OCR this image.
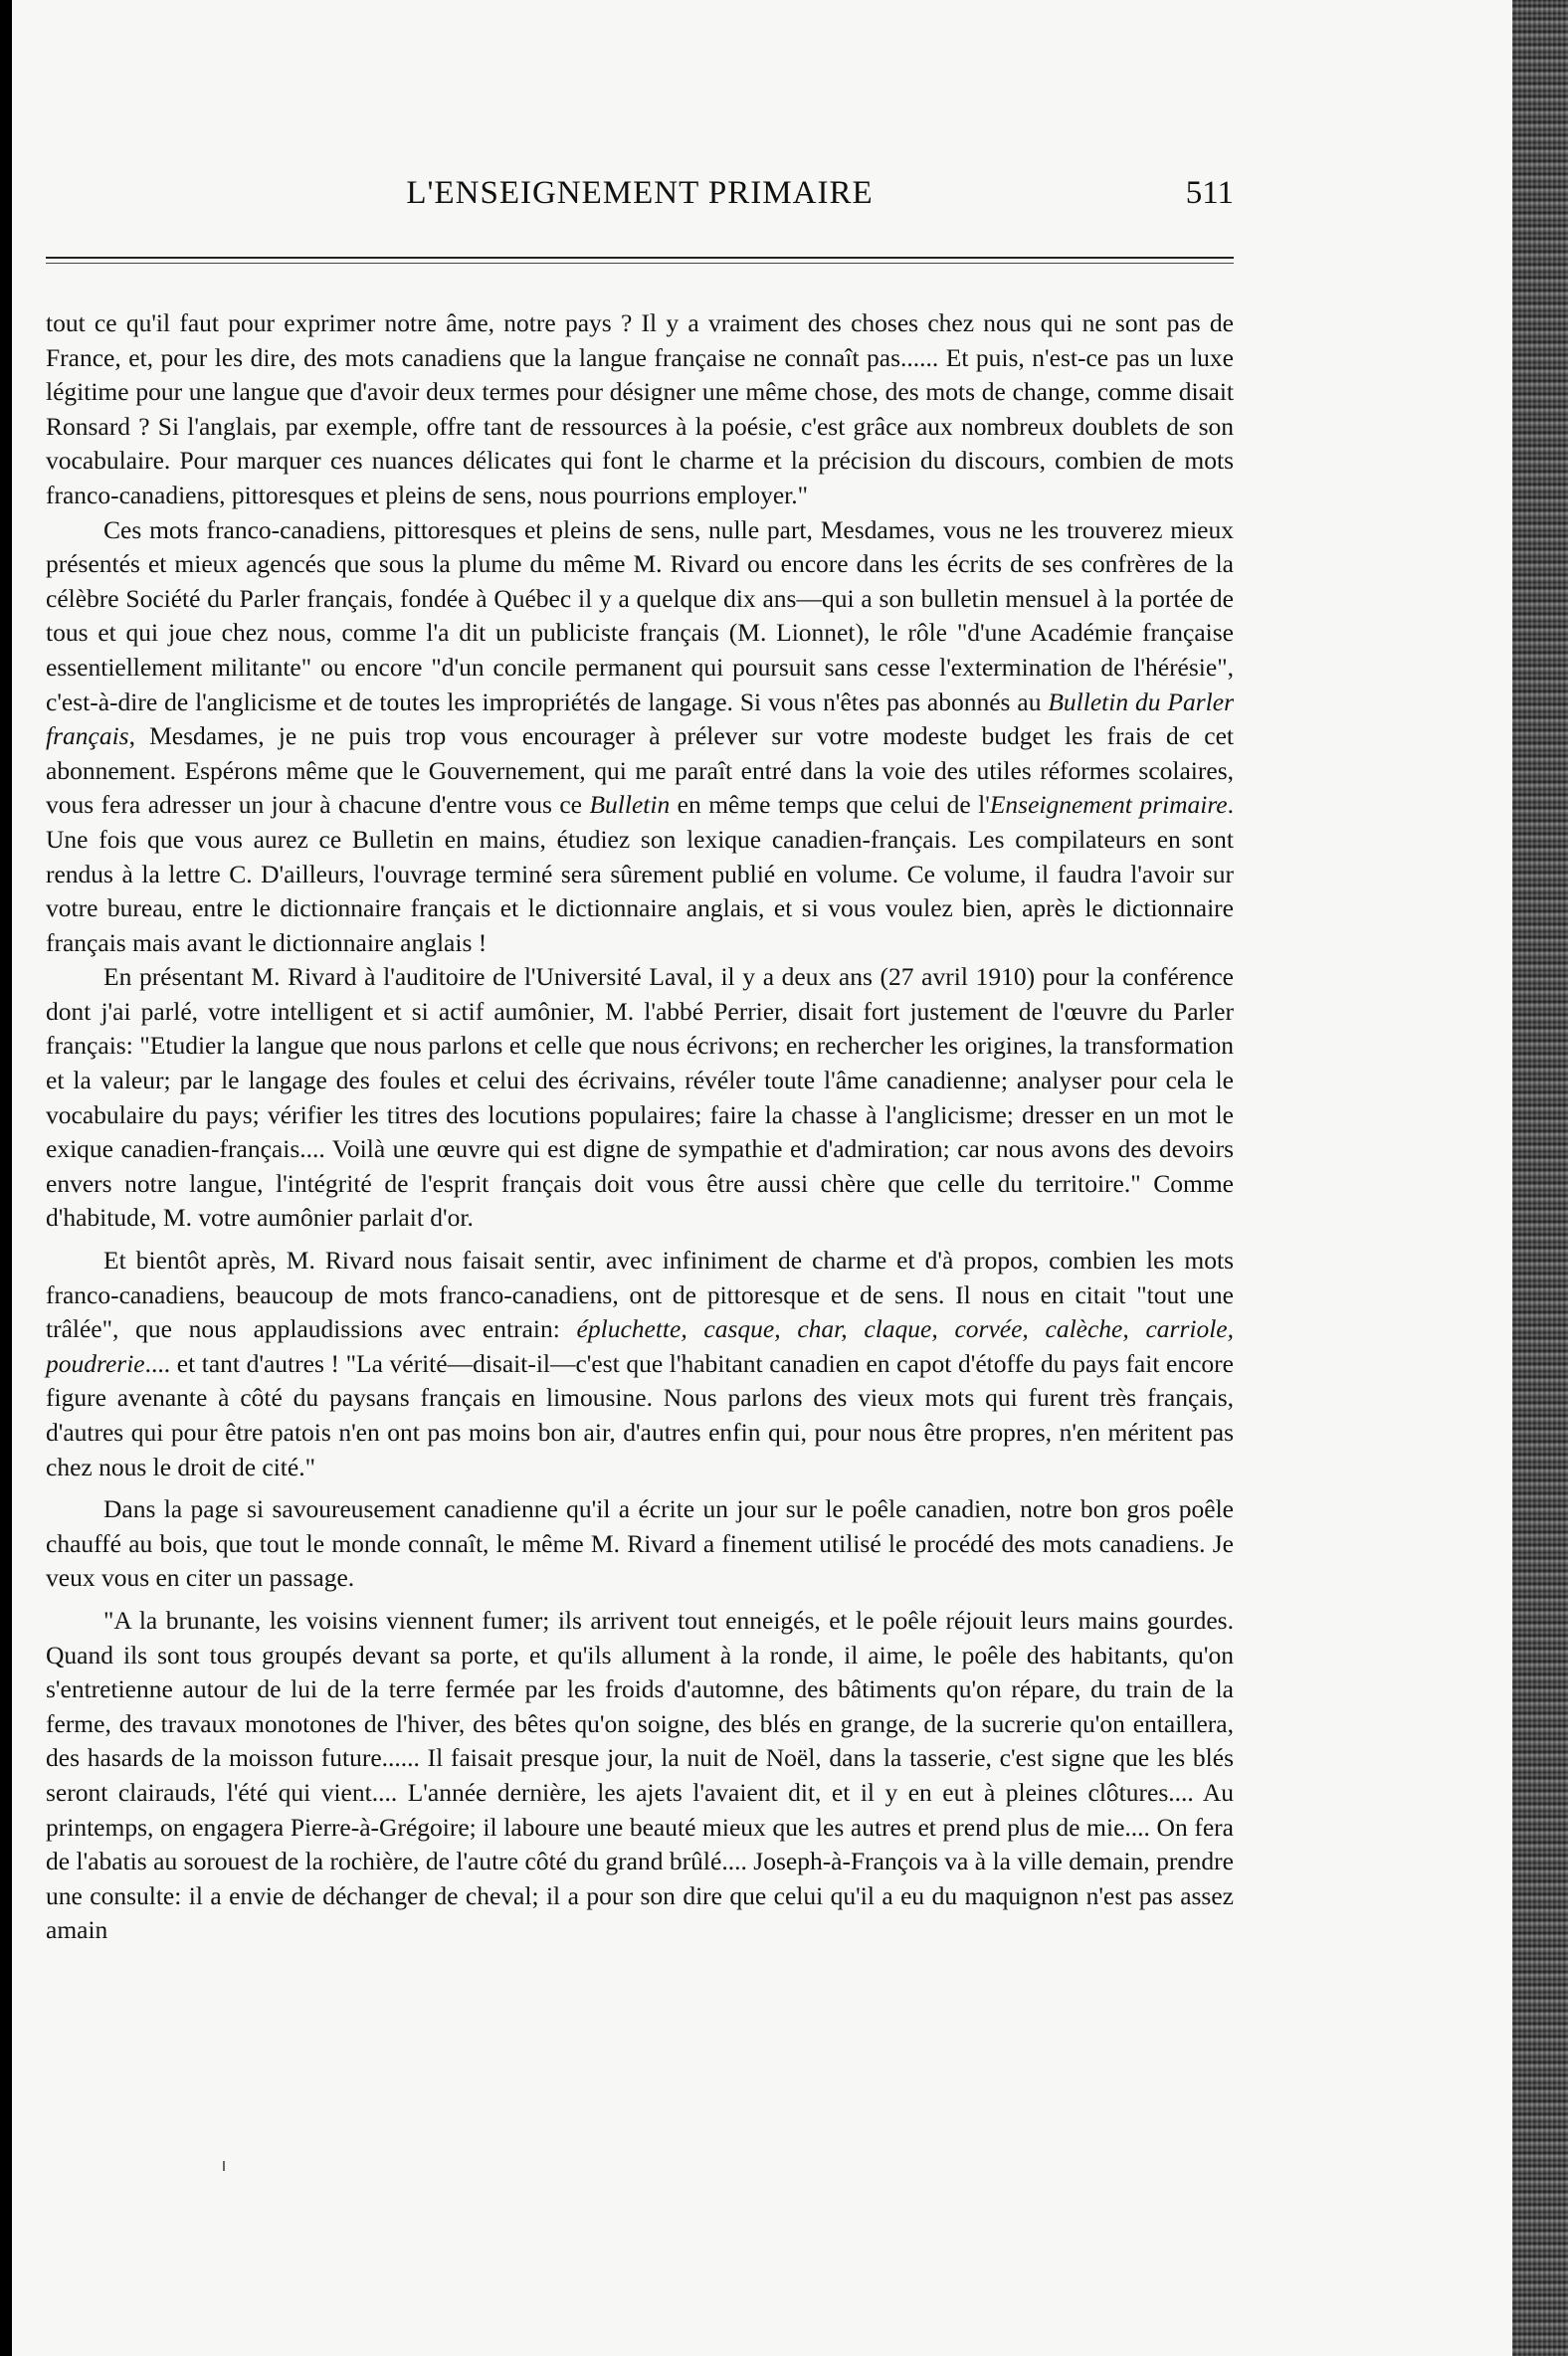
L'ENSEIGNEMENT PRIMAIRE	511

tout ce qu'il faut pour exprimer notre âme, notre pays ? Il y a vraiment des choses chez nous qui ne sont pas de France, et, pour les dire, des mots canadiens que la langue française ne connaît pas...... Et puis, n'est-ce pas un luxe légitime pour une langue que d'avoir deux termes pour désigner une même chose, des mots de change, comme disait Ronsard ? Si l'anglais, par exemple, offre tant de ressources à la poésie, c'est grâce aux nombreux doublets de son vocabulaire. Pour marquer ces nuances délicates qui font le charme et la précision du discours, combien de mots franco-canadiens, pittoresques et pleins de sens, nous pourrions employer."

Ces mots franco-canadiens, pittoresques et pleins de sens, nulle part, Mesdames, vous ne les trouverez mieux présentés et mieux agencés que sous la plume du même M. Rivard ou encore dans les écrits de ses confrères de la célèbre Société du Parler français, fondée à Québec il y a quelque dix ans—qui a son bulletin mensuel à la portée de tous et qui joue chez nous, comme l'a dit un publiciste français (M. Lionnet), le rôle "d'une Académie française essentiellement militante" ou encore "d'un concile permanent qui poursuit sans cesse l'extermination de l'hérésie", c'est-à-dire de l'anglicisme et de toutes les impropriétés de langage. Si vous n'êtes pas abonnés au Bulletin du Parler français, Mesdames, je ne puis trop vous encourager à prélever sur votre modeste budget les frais de cet abonnement. Espérons même que le Gouvernement, qui me paraît entré dans la voie des utiles réformes scolaires, vous fera adresser un jour à chacune d'entre vous ce Bulletin en même temps que celui de l'Enseignement primaire. Une fois que vous aurez ce Bulletin en mains, étudiez son lexique canadien-français. Les compilateurs en sont rendus à la lettre C. D'ailleurs, l'ouvrage terminé sera sûrement publié en volume. Ce volume, il faudra l'avoir sur votre bureau, entre le dictionnaire français et le dictionnaire anglais, et si vous voulez bien, après le dictionnaire français mais avant le dictionnaire anglais !

En présentant M. Rivard à l'auditoire de l'Université Laval, il y a deux ans (27 avril 1910) pour la conférence dont j'ai parlé, votre intelligent et si actif aumônier, M. l'abbé Perrier, disait fort justement de l'œuvre du Parler français: "Etudier la langue que nous parlons et celle que nous écrivons; en rechercher les origines, la transformation et la valeur; par le langage des foules et celui des écrivains, révéler toute l'âme canadienne; analyser pour cela le vocabulaire du pays; vérifier les titres des locutions populaires; faire la chasse à l'anglicisme; dresser en un mot le exique canadien-français.... Voilà une œuvre qui est digne de sympathie et d'admiration; car nous avons des devoirs envers notre langue, l'intégrité de l'esprit français doit vous être aussi chère que celle du territoire." Comme d'habitude, M. votre aumônier parlait d'or.

Et bientôt après, M. Rivard nous faisait sentir, avec infiniment de charme et d'à propos, combien les mots franco-canadiens, beaucoup de mots franco-canadiens, ont de pittoresque et de sens. Il nous en citait "tout une trâlée", que nous applaudissions avec entrain: épluchette, casque, char, claque, corvée, calèche, carriole, poudrerie.... et tant d'autres ! "La vérité—disait-il—c'est que l'habitant canadien en capot d'étoffe du pays fait encore figure avenante à côté du paysans français en limousine. Nous parlons des vieux mots qui furent très français, d'autres qui pour être patois n'en ont pas moins bon air, d'autres enfin qui, pour nous être propres, n'en méritent pas chez nous le droit de cité."

Dans la page si savoureusement canadienne qu'il a écrite un jour sur le poêle canadien, notre bon gros poêle chauffé au bois, que tout le monde connaît, le même M. Rivard a finement utilisé le procédé des mots canadiens. Je veux vous en citer un passage.

"A la brunante, les voisins viennent fumer; ils arrivent tout enneigés, et le poêle réjouit leurs mains gourdes. Quand ils sont tous groupés devant sa porte, et qu'ils allument à la ronde, il aime, le poêle des habitants, qu'on s'entretienne autour de lui de la terre fermée par les froids d'automne, des bâtiments qu'on répare, du train de la ferme, des travaux monotones de l'hiver, des bêtes qu'on soigne, des blés en grange, de la sucrerie qu'on entaillera, des hasards de la moisson future...... Il faisait presque jour, la nuit de Noël, dans la tasserie, c'est signe que les blés seront clairauds, l'été qui vient.... L'année dernière, les ajets l'avaient dit, et il y en eut à pleines clôtures.... Au printemps, on engagera Pierre-à-Grégoire; il laboure une beauté mieux que les autres et prend plus de mie.... On fera de l'abatis au sorouest de la rochière, de l'autre côté du grand brûlé.... Joseph-à-François va à la ville demain, prendre une consulte: il a envie de déchanger de cheval; il a pour son dire que celui qu'il a eu du maquignon n'est pas assez amain
